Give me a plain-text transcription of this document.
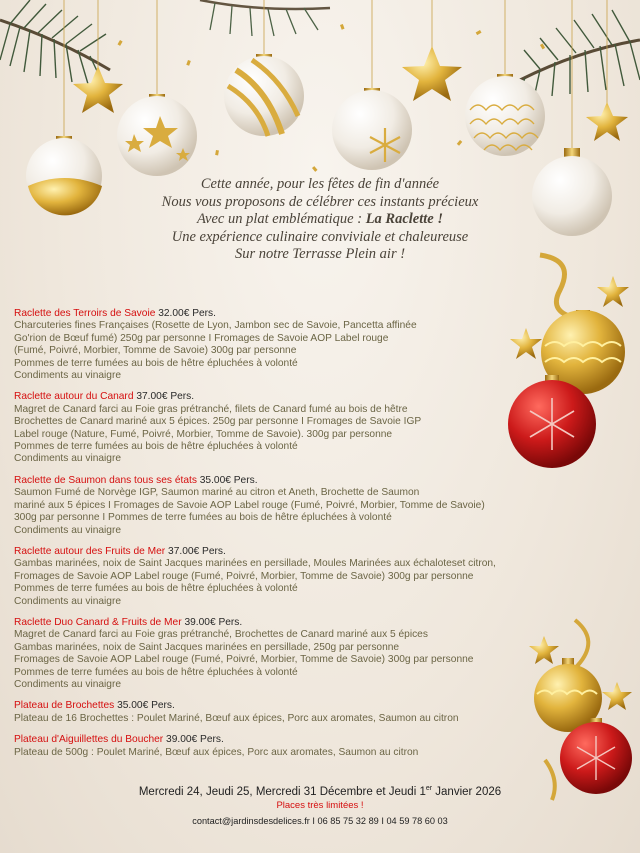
Cette année, pour les fêtes de fin d'année
Nous vous proposons de célébrer ces instants précieux
Avec un plat emblématique : La Raclette !
Une expérience culinaire conviviale et chaleureuse
Sur notre Terrasse Plein air !
Raclette des Terroirs de Savoie 32.00€ Pers.
Charcuteries fines Françaises (Rosette de Lyon, Jambon sec de Savoie, Pancetta affinée
Go'rion de Bœuf fumé) 250g par personne I Fromages de Savoie AOP Label rouge
(Fumé, Poivré, Morbier, Tomme de Savoie) 300g par personne
Pommes de terre fumées au bois de hêtre épluchées à volonté
Condiments au vinaigre
Raclette autour du Canard 37.00€ Pers.
Magret de Canard farci au Foie gras prétranché, filets de Canard fumé au bois de hêtre
Brochettes de Canard mariné aux 5 épices. 250g par personne I Fromages de Savoie IGP
Label rouge (Nature, Fumé, Poivré, Morbier, Tomme de Savoie). 300g par personne
Pommes de terre fumées au bois de hêtre épluchées à volonté
Condiments au vinaigre
Raclette de Saumon dans tous ses états 35.00€ Pers.
Saumon Fumé de Norvège IGP, Saumon mariné au citron et Aneth, Brochette de Saumon
mariné aux 5 épices I Fromages de Savoie AOP Label rouge (Fumé, Poivré, Morbier, Tomme de Savoie)
300g par personne I Pommes de terre fumées au bois de hêtre épluchées à volonté
Condiments au vinaigre
Raclette autour des Fruits de Mer 37.00€ Pers.
Gambas marinées, noix de Saint Jacques marinées en persillade, Moules Marinées aux échaloteset citron,
Fromages de Savoie AOP Label rouge (Fumé, Poivré, Morbier, Tomme de Savoie) 300g par personne
Pommes de terre fumées au bois de hêtre épluchées à volonté
Condiments au vinaigre
Raclette Duo Canard & Fruits de Mer 39.00€ Pers.
Magret de Canard farci au Foie gras prétranché, Brochettes de Canard mariné aux 5 épices
Gambas marinées, noix de Saint Jacques marinées en persillade, 250g par personne
Fromages de Savoie AOP Label rouge (Fumé, Poivré, Morbier, Tomme de Savoie) 300g par personne
Pommes de terre fumées au bois de hêtre épluchées à volonté
Condiments au vinaigre
Plateau de Brochettes 35.00€ Pers.
Plateau de 16 Brochettes : Poulet Mariné, Bœuf aux épices, Porc aux aromates, Saumon au citron
Plateau d'Aiguillettes du Boucher 39.00€ Pers.
Plateau de 500g : Poulet Mariné, Bœuf aux épices, Porc aux aromates, Saumon au citron
Mercredi 24, Jeudi 25, Mercredi 31 Décembre et Jeudi 1er Janvier 2026
Places très limitées !
contact@jardinsdesdelices.fr I 06 85 75 32 89 I 04 59 78 60 03
